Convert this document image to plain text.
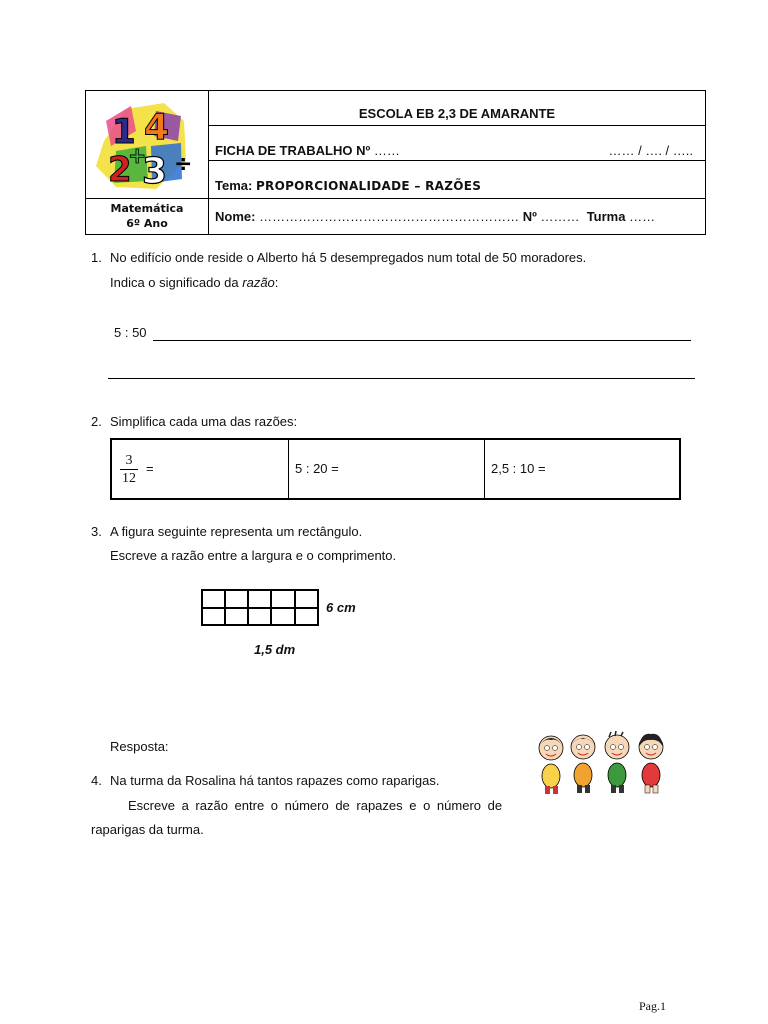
1 4
2 3
+ ÷
Matemática
6º Ano
ESCOLA EB 2,3 DE AMARANTE
FICHA DE TRABALHO Nº ……	…… / …. / …..
Tema: PROPORCIONALIDADE – RAZÕES
Nome: …………………………………………………… Nº ……… Turma ……
1. No edifício onde reside o Alberto há 5 desempregados num total de 50 moradores.
Indica o significado da razão:
5 : 50
2. Simplifica cada uma das razões:
$\frac{3}{12}$ =	5 : 20 =	2,5 : 10 =
3. A figura seguinte representa um rectângulo.
Escreve a razão entre a largura e o comprimento.
6 cm
1,5 dm
Resposta:
4. Na turma da Rosalina há tantos rapazes como raparigas.
Escreve a razão entre o número de rapazes e o número de
raparigas da turma.
Pag.1
